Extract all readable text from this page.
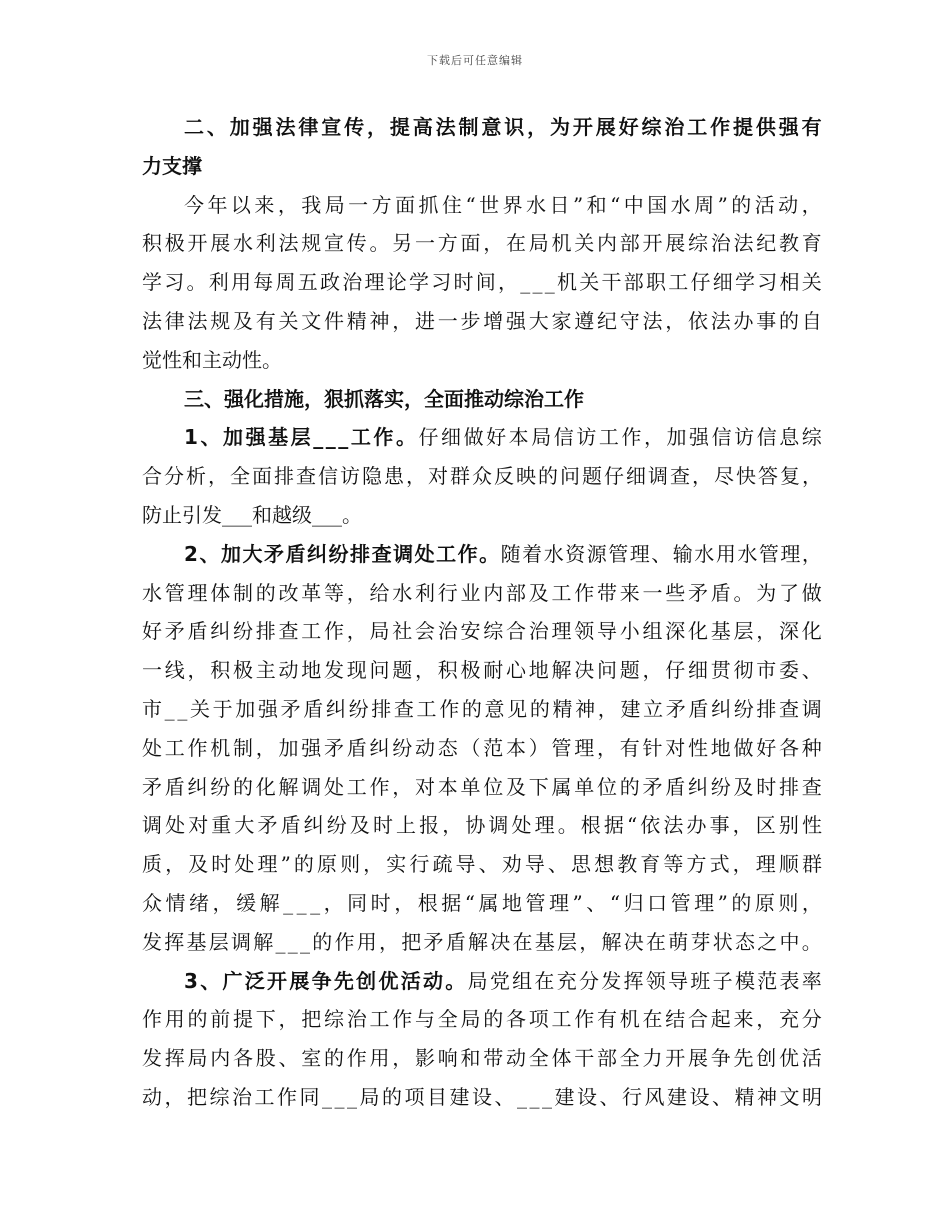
下载后可任意编辑
二 、 加 强 法 律 宣 传 ， 提 高 法 制 意 识 ， 为 开 展 好 综 治 工 作 提 供 强 有
力支撑
今 年 以 来 ， 我 局 一 方 面 抓 住 “ 世 界 水 日 ” 和 “ 中 国 水 周 ” 的 活 动 ，
积 极 开 展 水 利 法 规 宣 传 。 另 一 方 面 ， 在 局 机 关 内 部 开 展 综 治 法 纪 教 育
学 习 。 利 用 每 周 五 政 治 理 论 学 习 时 间 ， _ _ _ 机 关 干 部 职 工 仔 细 学 习 相 关
法 律 法 规 及 有 关 文 件 精 神 ， 进 一 步 增 强 大 家 遵 纪 守 法 ， 依 法 办 事 的 自
觉性和主动性。
三、强化措施，狠抓落实，全面推动综治工作
1 、 加 强 基 层 _ _ _ 工 作 。 仔 细 做 好 本 局 信 访 工 作 ， 加 强 信 访 信 息 综
合 分 析 ， 全 面 排 查 信 访 隐 患 ， 对 群 众 反 映 的 问 题 仔 细 调 查 ， 尽 快 答 复 ，
防止引发___和越级___。
2 、 加 大 矛 盾 纠 纷 排 查 调 处 工 作 。 随 着 水 资 源 管 理 、 输 水 用 水 管 理 ，
水 管 理 体 制 的 改 革 等 ， 给 水 利 行 业 内 部 及 工 作 带 来 一 些 矛 盾 。 为 了 做
好 矛 盾 纠 纷 排 查 工 作 ， 局 社 会 治 安 综 合 治 理 领 导 小 组 深 化 基 层 ， 深 化
一 线 ， 积 极 主 动 地 发 现 问 题 ， 积 极 耐 心 地 解 决 问 题 ， 仔 细 贯 彻 市 委 、
市 _ _ 关 于 加 强 矛 盾 纠 纷 排 查 工 作 的 意 见 的 精 神 ， 建 立 矛 盾 纠 纷 排 查 调
处 工 作 机 制 ， 加 强 矛 盾 纠 纷 动 态 （ 范 本 ） 管 理 ， 有 针 对 性 地 做 好 各 种
矛 盾 纠 纷 的 化 解 调 处 工 作 ， 对 本 单 位 及 下 属 单 位 的 矛 盾 纠 纷 及 时 排 查
调 处 对 重 大 矛 盾 纠 纷 及 时 上 报 ， 协 调 处 理 。 根 据 “ 依 法 办 事 ， 区 别 性
质 ， 及 时 处 理 ” 的 原 则 ， 实 行 疏 导 、 劝 导 、 思 想 教 育 等 方 式 ， 理 顺 群
众 情 绪 ， 缓 解 _ _ _ ， 同 时 ， 根 据 “ 属 地 管 理 ” 、 “ 归 口 管 理 ” 的 原 则 ，
发 挥 基 层 调 解 _ _ _ 的 作 用 ， 把 矛 盾 解 决 在 基 层 ， 解 决 在 萌 芽 状 态 之 中 。
3 、 广 泛 开 展 争 先 创 优 活 动 。 局 党 组 在 充 分 发 挥 领 导 班 子 模 范 表 率
作 用 的 前 提 下 ， 把 综 治 工 作 与 全 局 的 各 项 工 作 有 机 在 结 合 起 来 ， 充 分
发 挥 局 内 各 股 、 室 的 作 用 ， 影 响 和 带 动 全 体 干 部 全 力 开 展 争 先 创 优 活
动 ， 把 综 治 工 作 同 _ _ _ 局 的 项 目 建 设 、 _ _ _ 建 设 、 行 风 建 设 、 精 神 文 明
